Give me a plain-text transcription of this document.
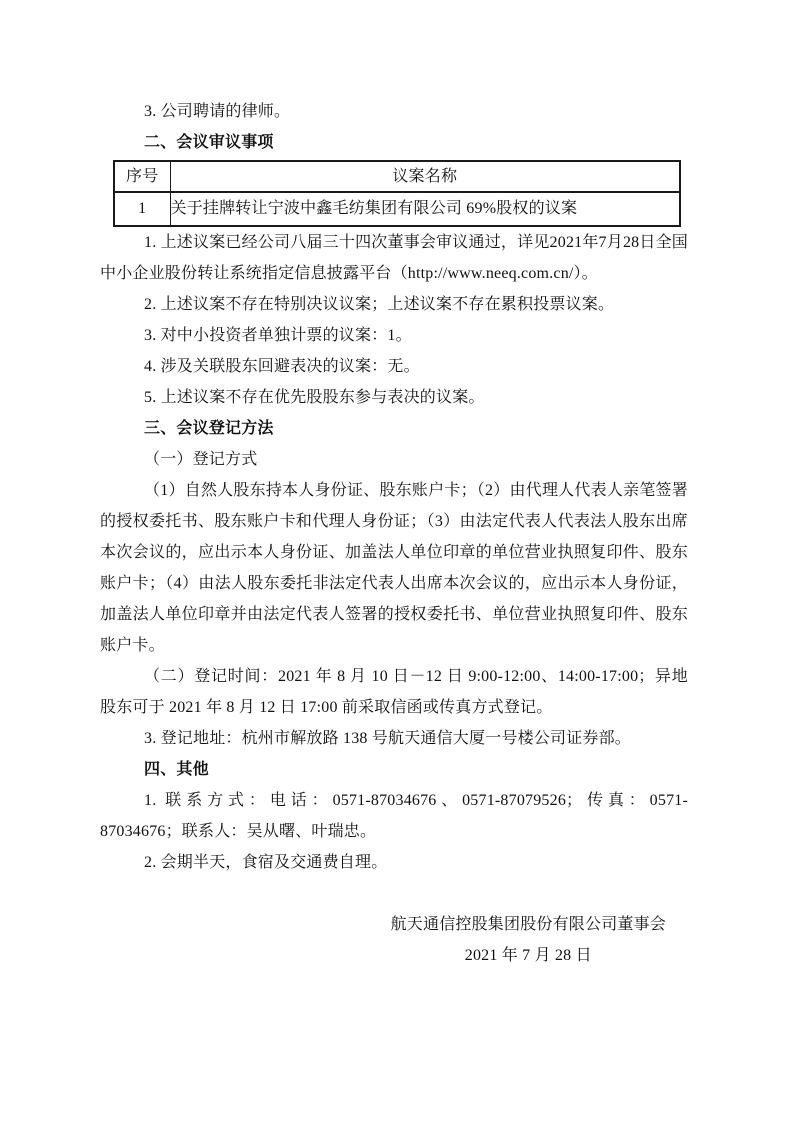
3. 公司聘请的律师。

二、会议审议事项

序号	议案名称
1	关于挂牌转让宁波中鑫毛纺集团有限公司 69%股权的议案

1. 上述议案已经公司八届三十四次董事会审议通过，详见2021年7月28日全国中小企业股份转让系统指定信息披露平台（http://www.neeq.com.cn/）。

2. 上述议案不存在特别决议议案；上述议案不存在累积投票议案。

3. 对中小投资者单独计票的议案：1。

4. 涉及关联股东回避表决的议案：无。

5. 上述议案不存在优先股股东参与表决的议案。

三、会议登记方法

（一）登记方式

（1）自然人股东持本人身份证、股东账户卡；（2）由代理人代表人亲笔签署的授权委托书、股东账户卡和代理人身份证；（3）由法定代表人代表法人股东出席本次会议的，应出示本人身份证、加盖法人单位印章的单位营业执照复印件、股东账户卡；（4）由法人股东委托非法定代表人出席本次会议的，应出示本人身份证，加盖法人单位印章并由法定代表人签署的授权委托书、单位营业执照复印件、股东账户卡。

（二）登记时间：2021 年 8 月 10 日－12 日 9:00-12:00、14:00-17:00；异地股东可于 2021 年 8 月 12 日 17:00 前采取信函或传真方式登记。

3. 登记地址：杭州市解放路 138 号航天通信大厦一号楼公司证券部。

四、其他

1. 联系方式：电话：0571-87034676、0571-87079526；传真：0571-87034676；联系人：吴从曙、叶瑞忠。

2. 会期半天，食宿及交通费自理。

航天通信控股集团股份有限公司董事会

2021 年 7 月 28 日
